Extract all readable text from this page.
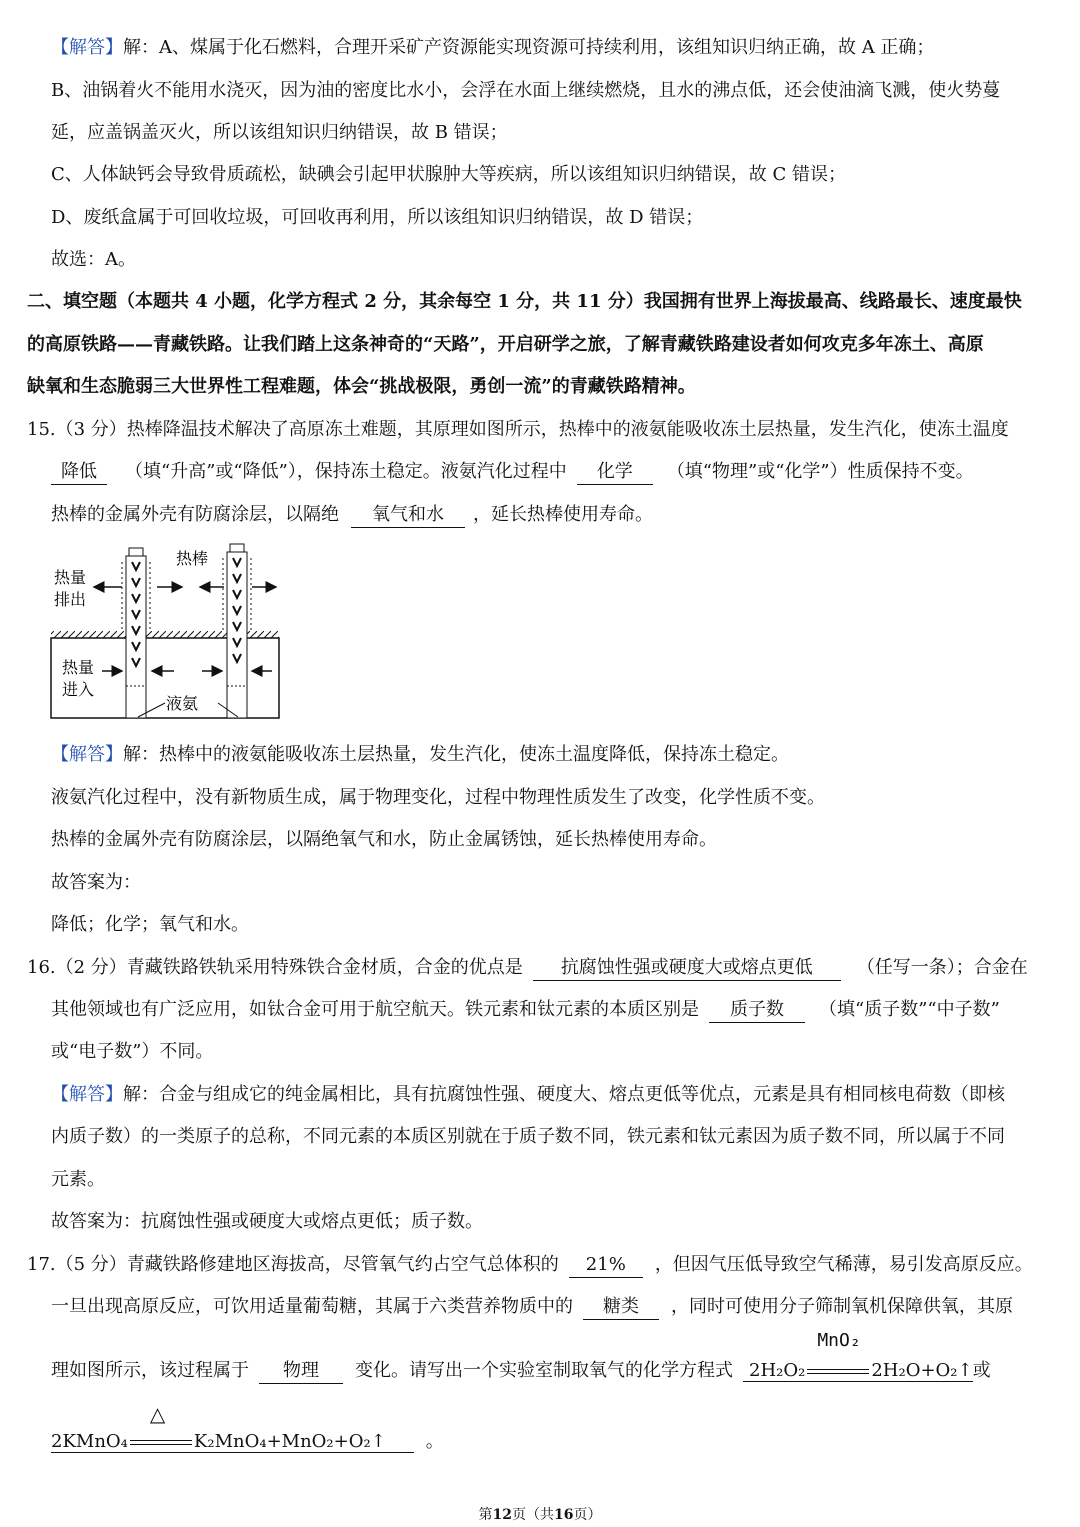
【解答】解：A、煤属于化石燃料，合理开采矿产资源能实现资源可持续利用，该组知识归纳正确，故 A 正确；
B、油锅着火不能用水浇灭，因为油的密度比水小，会浮在水面上继续燃烧，且水的沸点低，还会使油滴飞溅，使火势蔓
延，应盖锅盖灭火，所以该组知识归纳错误，故 B 错误；
C、人体缺钙会导致骨质疏松，缺碘会引起甲状腺肿大等疾病，所以该组知识归纳错误，故 C 错误；
D、废纸盒属于可回收垃圾，可回收再利用，所以该组知识归纳错误，故 D 错误；
故选：A。
二、填空题（本题共 4 小题，化学方程式 2 分，其余每空 1 分，共 11 分）我国拥有世界上海拔最高、线路最长、速度最快
的高原铁路——青藏铁路。让我们踏上这条神奇的“天路”，开启研学之旅，了解青藏铁路建设者如何攻克多年冻土、高原
缺氧和生态脆弱三大世界性工程难题，体会“挑战极限，勇创一流”的青藏铁路精神。
15.（3 分）热棒降温技术解决了高原冻土难题，其原理如图所示，热棒中的液氨能吸收冻土层热量，发生汽化，使冻土温度
降低 （填“升高”或“降低”），保持冻土稳定。液氨汽化过程中 化学 （填“物理”或“化学”）性质保持不变。
热棒的金属外壳有防腐涂层，以隔绝 氧气和水 ，延长热棒使用寿命。
热棒
热量
排出
热量
进入
液氨
【解答】解：热棒中的液氨能吸收冻土层热量，发生汽化，使冻土温度降低，保持冻土稳定。
液氨汽化过程中，没有新物质生成，属于物理变化，过程中物理性质发生了改变，化学性质不变。
热棒的金属外壳有防腐涂层，以隔绝氧气和水，防止金属锈蚀，延长热棒使用寿命。
故答案为：
降低；化学；氧气和水。
16.（2 分）青藏铁路铁轨采用特殊铁合金材质，合金的优点是 抗腐蚀性强或硬度大或熔点更低 （任写一条）；合金在
其他领域也有广泛应用，如钛合金可用于航空航天。铁元素和钛元素的本质区别是 质子数 （填“质子数”“中子数”
或“电子数”）不同。
【解答】解：合金与组成它的纯金属相比，具有抗腐蚀性强、硬度大、熔点更低等优点，元素是具有相同核电荷数（即核
内质子数）的一类原子的总称，不同元素的本质区别就在于质子数不同，铁元素和钛元素因为质子数不同，所以属于不同
元素。
故答案为：抗腐蚀性强或硬度大或熔点更低；质子数。
17.（5 分）青藏铁路修建地区海拔高，尽管氧气约占空气总体积的 21% ，但因气压低导致空气稀薄，易引发高原反应。
一旦出现高原反应，可饮用适量葡萄糖，其属于六类营养物质中的 糖类 ，同时可使用分子筛制氧机保障供氧，其原
理如图所示，该过程属于 物理 变化。请写出一个实验室制取氧气的化学方程式 2H₂O₂
MnO₂
2H₂O+O₂↑或
2KMnO₄
△
K₂MnO₄+MnO₂+O₂↑ 。
第12页（共16页）
